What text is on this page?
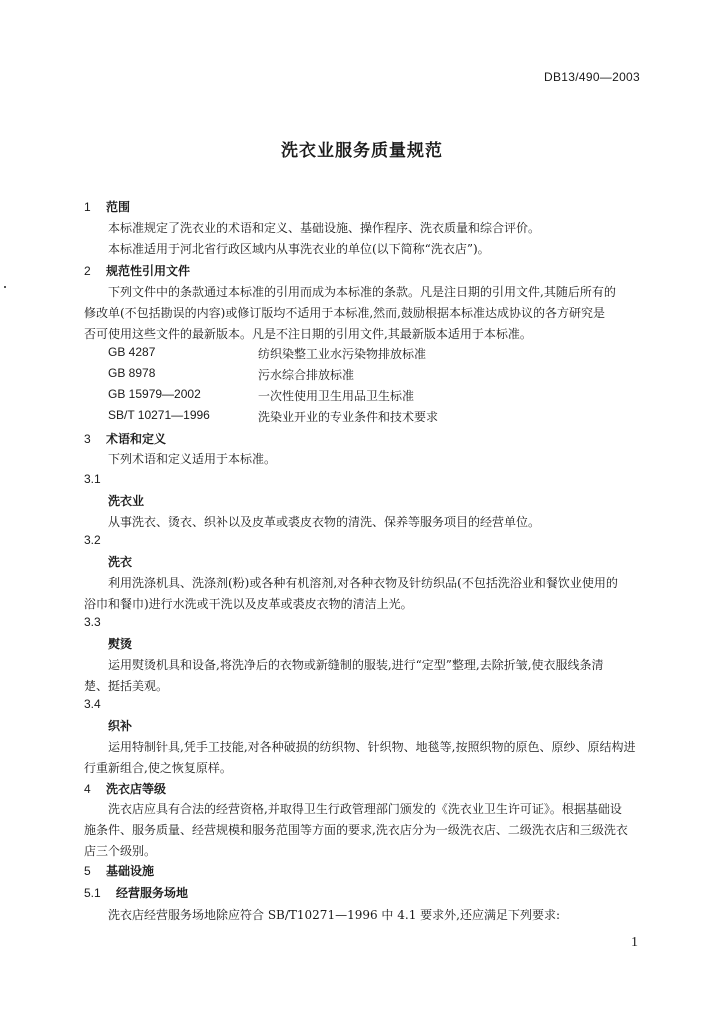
DB13/490—2003
洗衣业服务质量规范
1 范围
本标准规定了洗衣业的术语和定义、基础设施、操作程序、洗衣质量和综合评价。
本标准适用于河北省行政区域内从事洗衣业的单位(以下简称“洗衣店”)。
2 规范性引用文件
下列文件中的条款通过本标准的引用而成为本标准的条款。凡是注日期的引用文件,其随后所有的
修改单(不包括勘误的内容)或修订版均不适用于本标准,然而,鼓励根据本标准达成协议的各方研究是
否可使用这些文件的最新版本。凡是不注日期的引用文件,其最新版本适用于本标准。
GB 4287	纺织染整工业水污染物排放标准
GB 8978	污水综合排放标准
GB 15979—2002	一次性使用卫生用品卫生标准
SB/T 10271—1996	洗染业开业的专业条件和技术要求
3 术语和定义
下列术语和定义适用于本标准。
3.1
洗衣业
从事洗衣、烫衣、织补以及皮革或裘皮衣物的清洗、保养等服务项目的经营单位。
3.2
洗衣
利用洗涤机具、洗涤剂(粉)或各种有机溶剂,对各种衣物及针纺织品(不包括洗浴业和餐饮业使用的
浴巾和餐巾)进行水洗或干洗以及皮革或裘皮衣物的清洁上光。
3.3
熨烫
运用熨烫机具和设备,将洗净后的衣物或新缝制的服装,进行“定型”整理,去除折皱,使衣服线条清
楚、挺括美观。
3.4
织补
运用特制针具,凭手工技能,对各种破损的纺织物、针织物、地毯等,按照织物的原色、原纱、原结构进
行重新组合,使之恢复原样。
4 洗衣店等级
洗衣店应具有合法的经营资格,并取得卫生行政管理部门颁发的《洗衣业卫生许可证》。根据基础设
施条件、服务质量、经营规模和服务范围等方面的要求,洗衣店分为一级洗衣店、二级洗衣店和三级洗衣
店三个级别。
5 基础设施
5.1 经营服务场地
洗衣店经营服务场地除应符合 SB/T10271—1996 中 4.1 要求外,还应满足下列要求:
1
